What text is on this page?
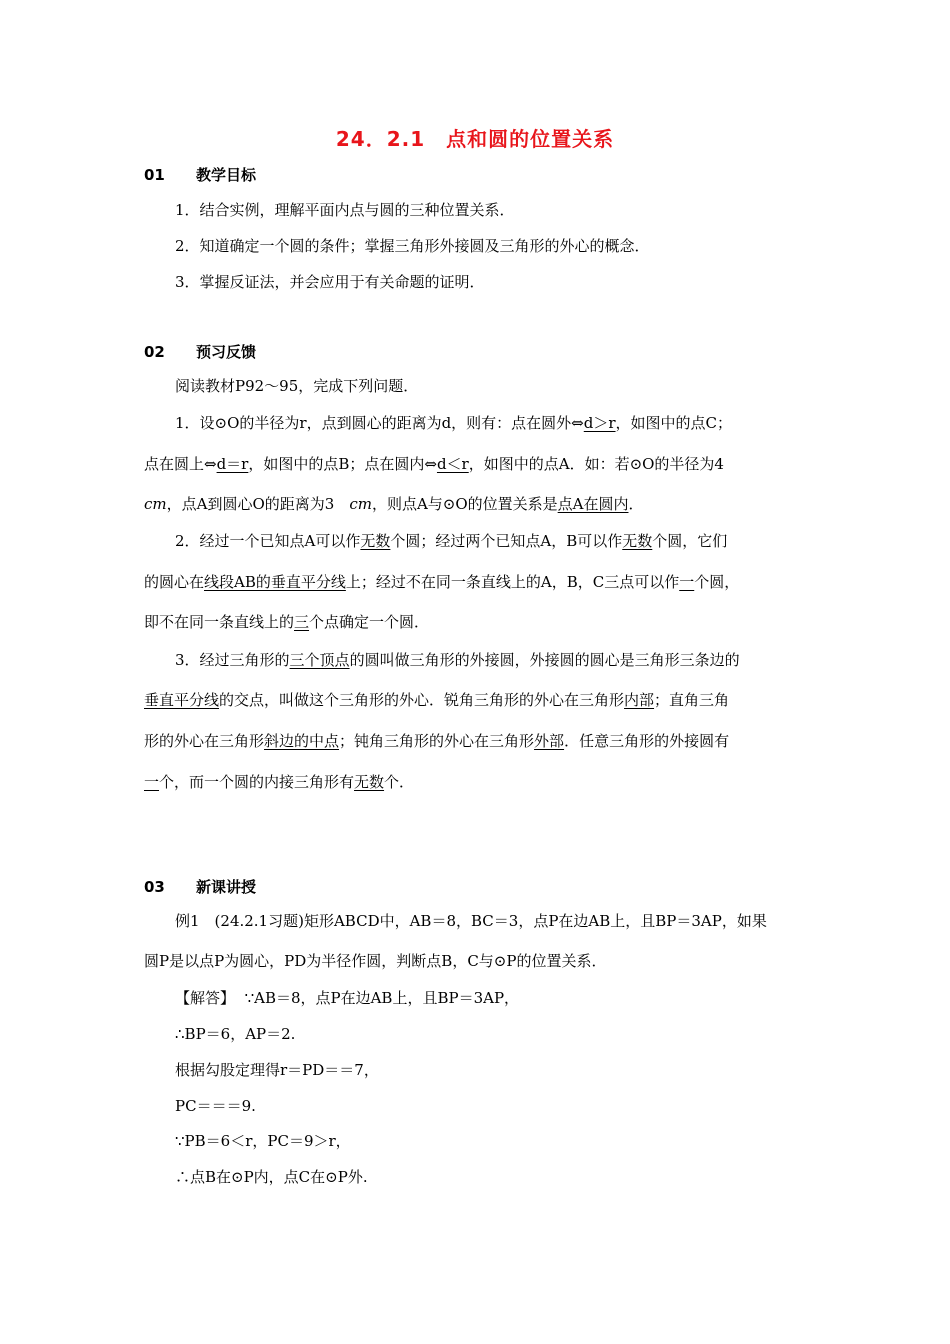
24．2.1　点和圆的位置关系
01 教学目标
1．结合实例，理解平面内点与圆的三种位置关系．
2．知道确定一个圆的条件；掌握三角形外接圆及三角形的外心的概念．
3．掌握反证法，并会应用于有关命题的证明．
02 预习反馈
阅读教材P92～95，完成下列问题．
1．设⊙O的半径为r，点到圆心的距离为d，则有：点在圆外⇔d＞r，如图中的点C；
点在圆上⇔d＝r，如图中的点B；点在圆内⇔d＜r，如图中的点A．如：若⊙O的半径为4
cm，点A到圆心O的距离为3　cm，则点A与⊙O的位置关系是点A在圆内．
2．经过一个已知点A可以作无数个圆；经过两个已知点A，B可以作无数个圆，它们
的圆心在线段AB的垂直平分线上；经过不在同一条直线上的A，B，C三点可以作一个圆，
即不在同一条直线上的三个点确定一个圆．
3．经过三角形的三个顶点的圆叫做三角形的外接圆，外接圆的圆心是三角形三条边的
垂直平分线的交点，叫做这个三角形的外心．锐角三角形的外心在三角形内部；直角三角
形的外心在三角形斜边的中点；钝角三角形的外心在三角形外部．任意三角形的外接圆有
一个，而一个圆的内接三角形有无数个．
03 新课讲授
例1　(24.2.1习题)矩形ABCD中，AB＝8，BC＝3，点P在边AB上，且BP＝3AP，如果
圆P是以点P为圆心，PD为半径作圆，判断点B，C与⊙P的位置关系．
【解答】 ∵AB＝8，点P在边AB上，且BP＝3AP，
∴BP＝6，AP＝2.
根据勾股定理得r＝PD＝＝7，
PC＝＝＝9.
∵PB＝6＜r，PC＝9＞r，
∴点B在⊙P内，点C在⊙P外.
